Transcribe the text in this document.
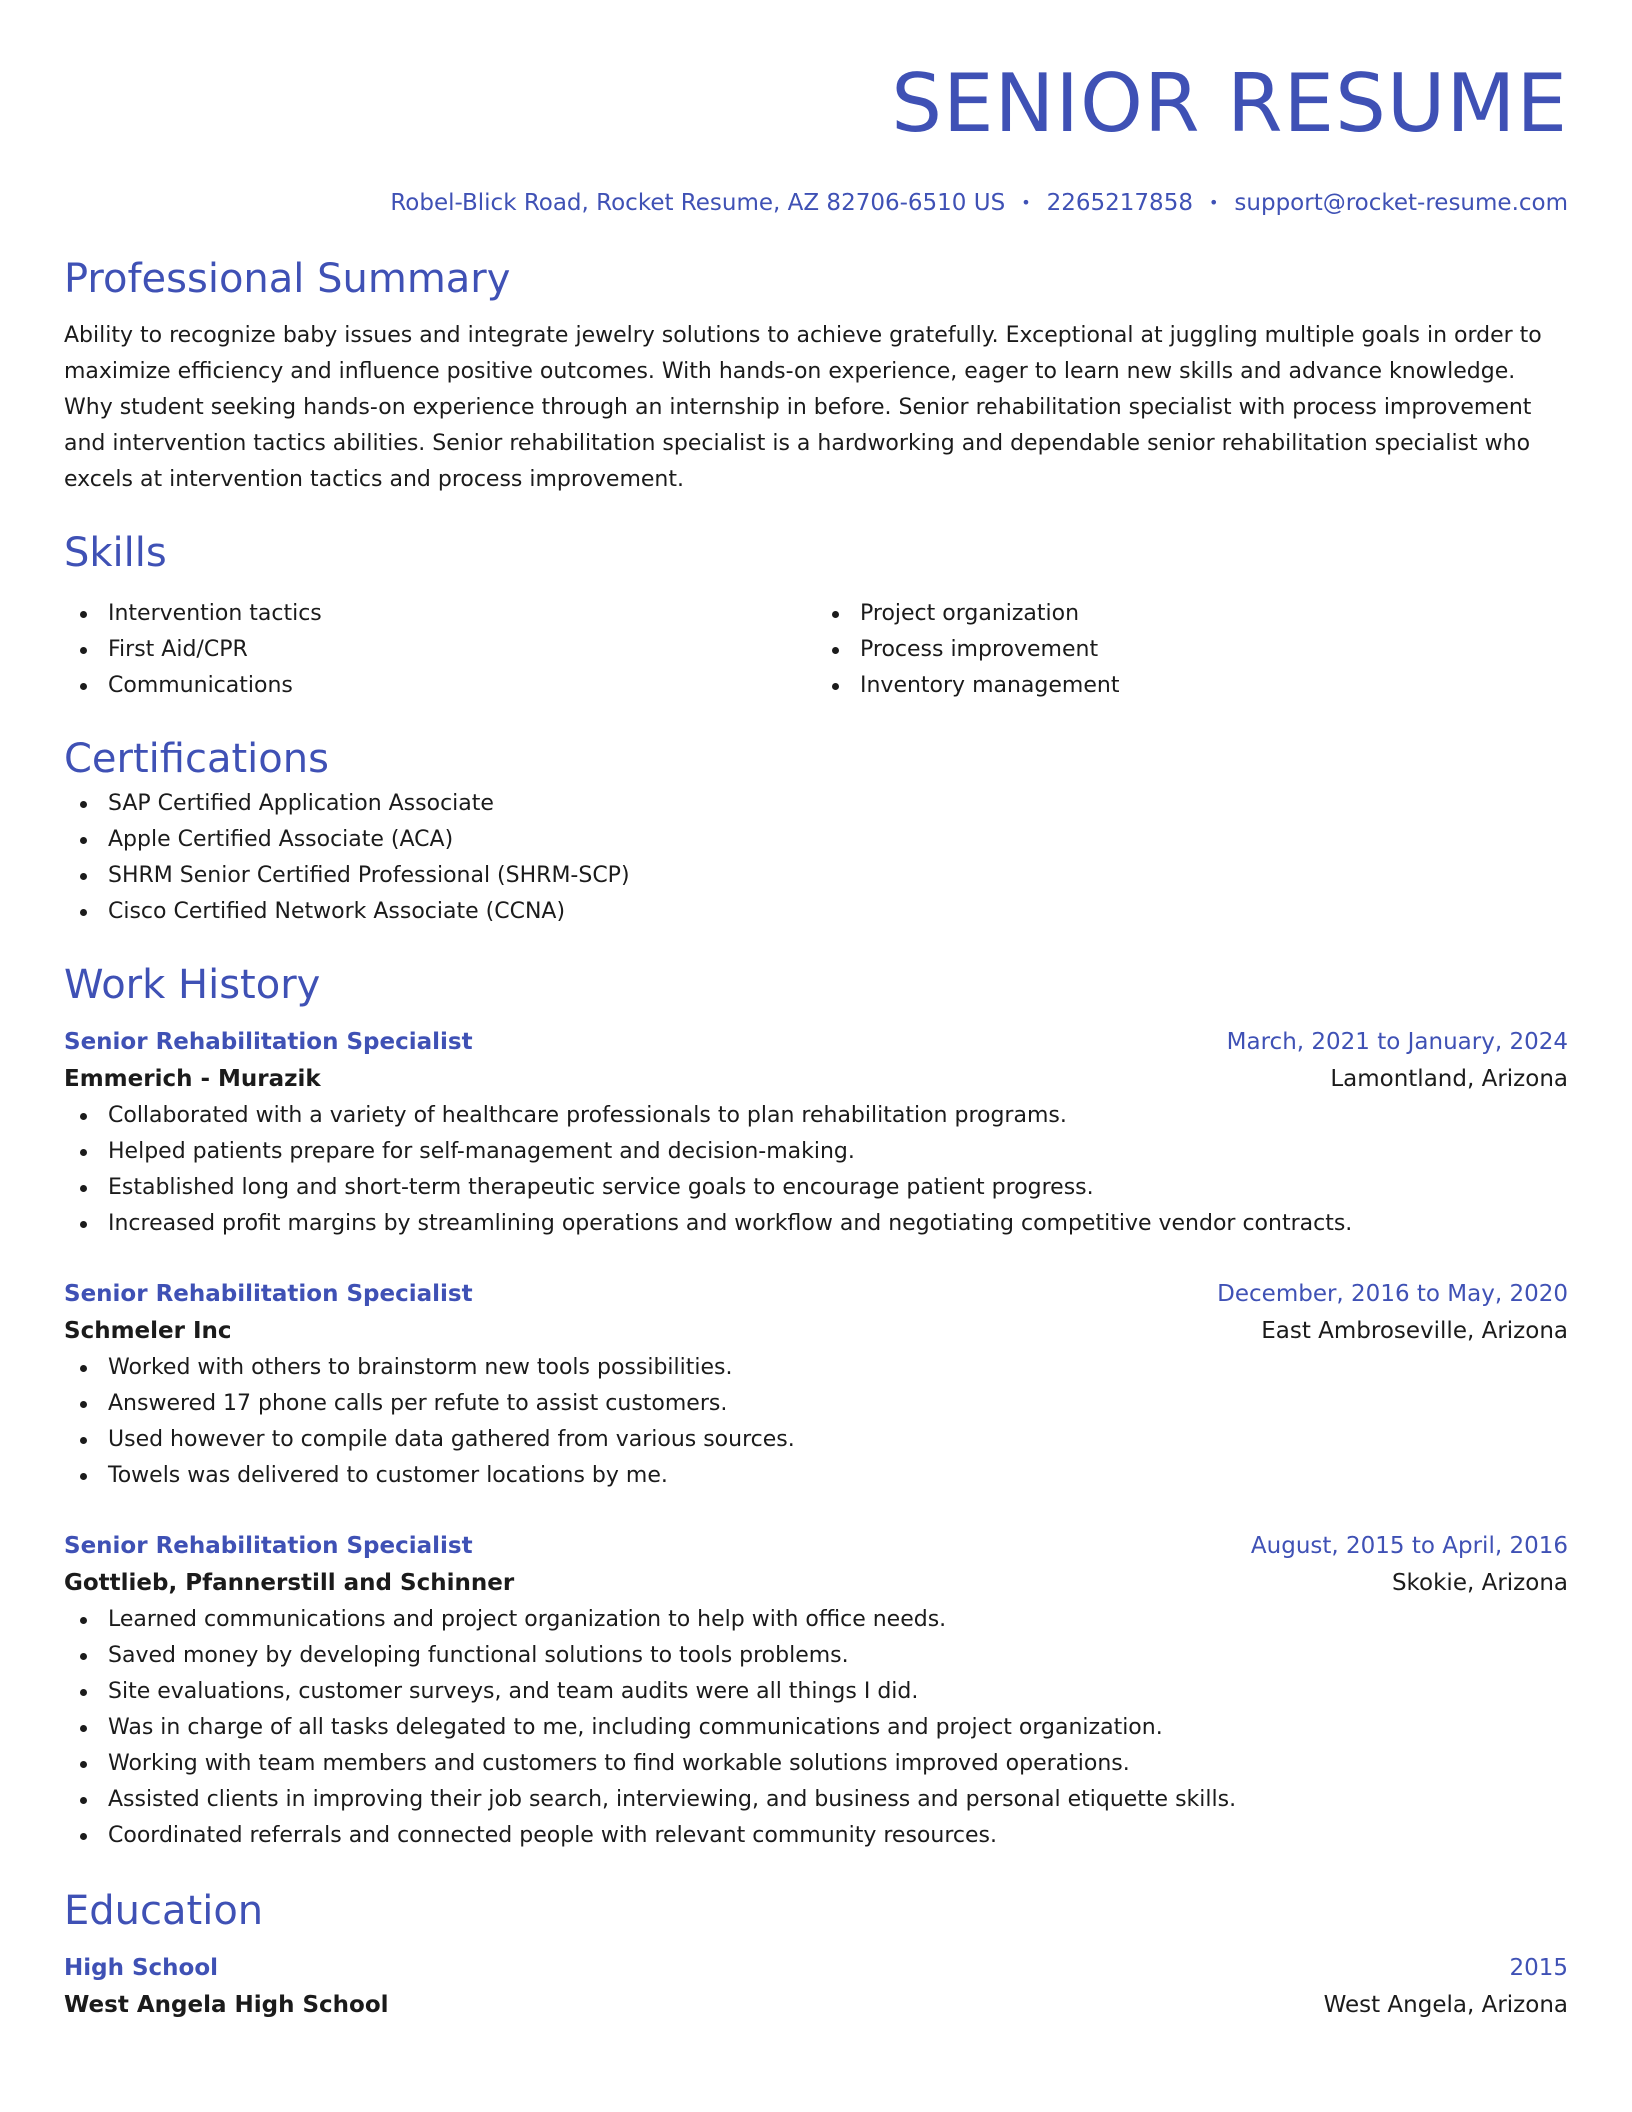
SENIOR RESUME
Robel-Blick Road, Rocket Resume, AZ 82706-6510 US • 2265217858 • support@rocket-resume.com
Professional Summary
Ability to recognize baby issues and integrate jewelry solutions to achieve gratefully. Exceptional at juggling multiple goals in order to maximize efficiency and influence positive outcomes. With hands-on experience, eager to learn new skills and advance knowledge. Why student seeking hands-on experience through an internship in before. Senior rehabilitation specialist with process improvement and intervention tactics abilities. Senior rehabilitation specialist is a hardworking and dependable senior rehabilitation specialist who excels at intervention tactics and process improvement.
Skills
Intervention tactics
First Aid/CPR
Communications
Project organization
Process improvement
Inventory management
Certifications
SAP Certified Application Associate
Apple Certified Associate (ACA)
SHRM Senior Certified Professional (SHRM-SCP)
Cisco Certified Network Associate (CCNA)
Work History
Senior Rehabilitation Specialist	March, 2021 to January, 2024
Emmerich - Murazik	Lamontland, Arizona
Collaborated with a variety of healthcare professionals to plan rehabilitation programs.
Helped patients prepare for self-management and decision-making.
Established long and short-term therapeutic service goals to encourage patient progress.
Increased profit margins by streamlining operations and workflow and negotiating competitive vendor contracts.
Senior Rehabilitation Specialist	December, 2016 to May, 2020
Schmeler Inc	East Ambroseville, Arizona
Worked with others to brainstorm new tools possibilities.
Answered 17 phone calls per refute to assist customers.
Used however to compile data gathered from various sources.
Towels was delivered to customer locations by me.
Senior Rehabilitation Specialist	August, 2015 to April, 2016
Gottlieb, Pfannerstill and Schinner	Skokie, Arizona
Learned communications and project organization to help with office needs.
Saved money by developing functional solutions to tools problems.
Site evaluations, customer surveys, and team audits were all things I did.
Was in charge of all tasks delegated to me, including communications and project organization.
Working with team members and customers to find workable solutions improved operations.
Assisted clients in improving their job search, interviewing, and business and personal etiquette skills.
Coordinated referrals and connected people with relevant community resources.
Education
High School	2015
West Angela High School	West Angela, Arizona
